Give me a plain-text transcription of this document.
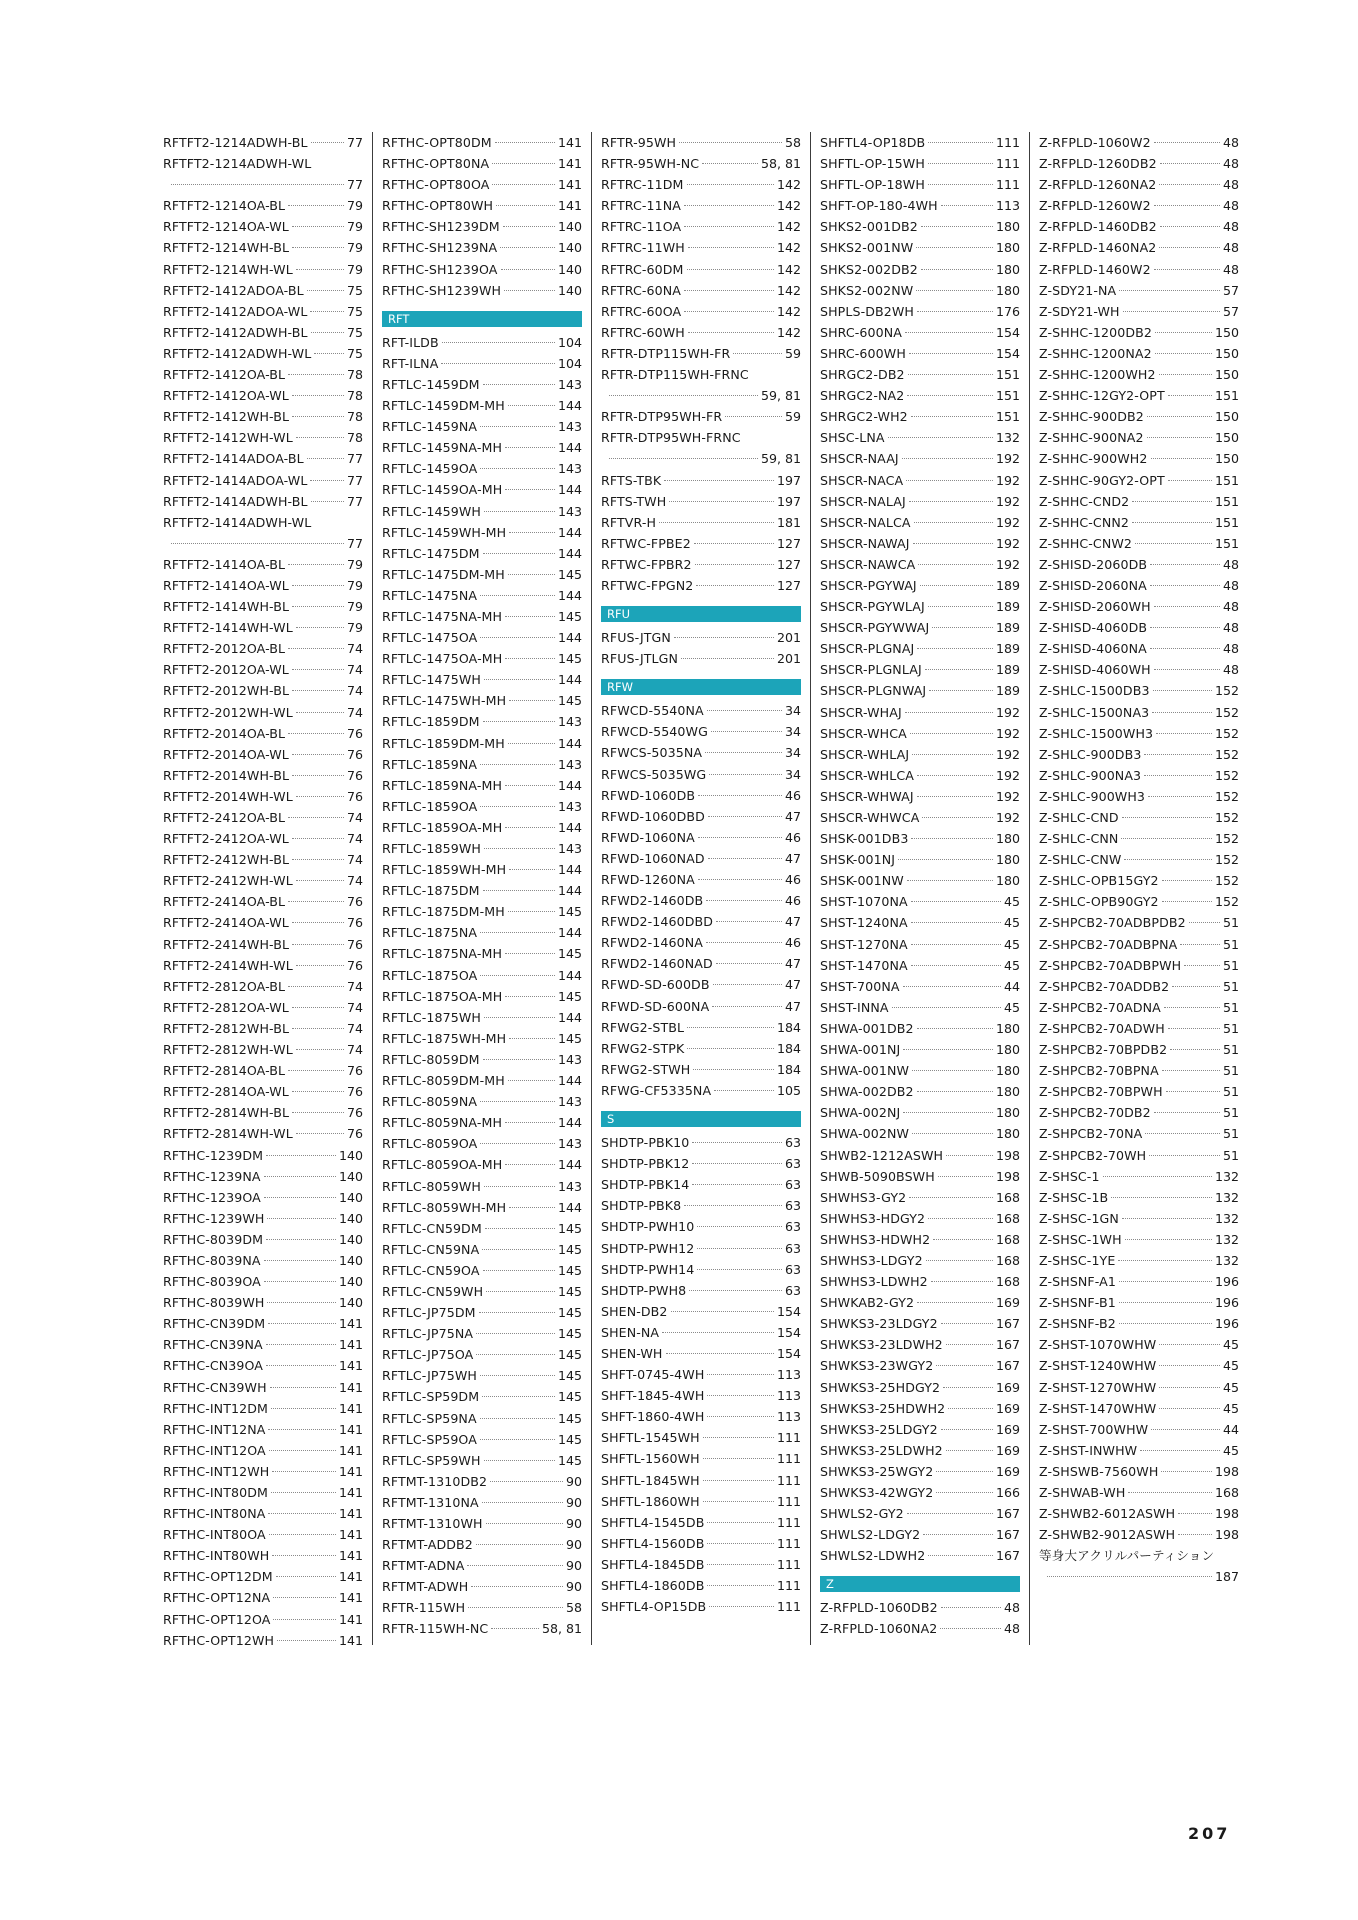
RFTFT2-1214ADWH-BL	77
RFTFT2-1214ADWH-WL
77
RFTFT2-1214OA-BL	79
RFTFT2-1214OA-WL	79
RFTFT2-1214WH-BL	79
RFTFT2-1214WH-WL	79
RFTFT2-1412ADOA-BL	75
RFTFT2-1412ADOA-WL	75
RFTFT2-1412ADWH-BL	75
RFTFT2-1412ADWH-WL	75
RFTFT2-1412OA-BL	78
RFTFT2-1412OA-WL	78
RFTFT2-1412WH-BL	78
RFTFT2-1412WH-WL	78
RFTFT2-1414ADOA-BL	77
RFTFT2-1414ADOA-WL	77
RFTFT2-1414ADWH-BL	77
RFTFT2-1414ADWH-WL
77
RFTFT2-1414OA-BL	79
RFTFT2-1414OA-WL	79
RFTFT2-1414WH-BL	79
RFTFT2-1414WH-WL	79
RFTFT2-2012OA-BL	74
RFTFT2-2012OA-WL	74
RFTFT2-2012WH-BL	74
RFTFT2-2012WH-WL	74
RFTFT2-2014OA-BL	76
RFTFT2-2014OA-WL	76
RFTFT2-2014WH-BL	76
RFTFT2-2014WH-WL	76
RFTFT2-2412OA-BL	74
RFTFT2-2412OA-WL	74
RFTFT2-2412WH-BL	74
RFTFT2-2412WH-WL	74
RFTFT2-2414OA-BL	76
RFTFT2-2414OA-WL	76
RFTFT2-2414WH-BL	76
RFTFT2-2414WH-WL	76
RFTFT2-2812OA-BL	74
RFTFT2-2812OA-WL	74
RFTFT2-2812WH-BL	74
RFTFT2-2812WH-WL	74
RFTFT2-2814OA-BL	76
RFTFT2-2814OA-WL	76
RFTFT2-2814WH-BL	76
RFTFT2-2814WH-WL	76
RFTHC-1239DM	140
RFTHC-1239NA	140
RFTHC-1239OA	140
RFTHC-1239WH	140
RFTHC-8039DM	140
RFTHC-8039NA	140
RFTHC-8039OA	140
RFTHC-8039WH	140
RFTHC-CN39DM	141
RFTHC-CN39NA	141
RFTHC-CN39OA	141
RFTHC-CN39WH	141
RFTHC-INT12DM	141
RFTHC-INT12NA	141
RFTHC-INT12OA	141
RFTHC-INT12WH	141
RFTHC-INT80DM	141
RFTHC-INT80NA	141
RFTHC-INT80OA	141
RFTHC-INT80WH	141
RFTHC-OPT12DM	141
RFTHC-OPT12NA	141
RFTHC-OPT12OA	141
RFTHC-OPT12WH	141
RFTHC-OPT80DM	141
RFTHC-OPT80NA	141
RFTHC-OPT80OA	141
RFTHC-OPT80WH	141
RFTHC-SH1239DM	140
RFTHC-SH1239NA	140
RFTHC-SH1239OA	140
RFTHC-SH1239WH	140
RFT
RFT-ILDB	104
RFT-ILNA	104
RFTLC-1459DM	143
RFTLC-1459DM-MH	144
RFTLC-1459NA	143
RFTLC-1459NA-MH	144
RFTLC-1459OA	143
RFTLC-1459OA-MH	144
RFTLC-1459WH	143
RFTLC-1459WH-MH	144
RFTLC-1475DM	144
RFTLC-1475DM-MH	145
RFTLC-1475NA	144
RFTLC-1475NA-MH	145
RFTLC-1475OA	144
RFTLC-1475OA-MH	145
RFTLC-1475WH	144
RFTLC-1475WH-MH	145
RFTLC-1859DM	143
RFTLC-1859DM-MH	144
RFTLC-1859NA	143
RFTLC-1859NA-MH	144
RFTLC-1859OA	143
RFTLC-1859OA-MH	144
RFTLC-1859WH	143
RFTLC-1859WH-MH	144
RFTLC-1875DM	144
RFTLC-1875DM-MH	145
RFTLC-1875NA	144
RFTLC-1875NA-MH	145
RFTLC-1875OA	144
RFTLC-1875OA-MH	145
RFTLC-1875WH	144
RFTLC-1875WH-MH	145
RFTLC-8059DM	143
RFTLC-8059DM-MH	144
RFTLC-8059NA	143
RFTLC-8059NA-MH	144
RFTLC-8059OA	143
RFTLC-8059OA-MH	144
RFTLC-8059WH	143
RFTLC-8059WH-MH	144
RFTLC-CN59DM	145
RFTLC-CN59NA	145
RFTLC-CN59OA	145
RFTLC-CN59WH	145
RFTLC-JP75DM	145
RFTLC-JP75NA	145
RFTLC-JP75OA	145
RFTLC-JP75WH	145
RFTLC-SP59DM	145
RFTLC-SP59NA	145
RFTLC-SP59OA	145
RFTLC-SP59WH	145
RFTMT-1310DB2	90
RFTMT-1310NA	90
RFTMT-1310WH	90
RFTMT-ADDB2	90
RFTMT-ADNA	90
RFTMT-ADWH	90
RFTR-115WH	58
RFTR-115WH-NC	58, 81
RFTR-95WH	58
RFTR-95WH-NC	58, 81
RFTRC-11DM	142
RFTRC-11NA	142
RFTRC-11OA	142
RFTRC-11WH	142
RFTRC-60DM	142
RFTRC-60NA	142
RFTRC-60OA	142
RFTRC-60WH	142
RFTR-DTP115WH-FR	59
RFTR-DTP115WH-FRNC
59, 81
RFTR-DTP95WH-FR	59
RFTR-DTP95WH-FRNC
59, 81
RFTS-TBK	197
RFTS-TWH	197
RFTVR-H	181
RFTWC-FPBE2	127
RFTWC-FPBR2	127
RFTWC-FPGN2	127
RFU
RFUS-JTGN	201
RFUS-JTLGN	201
RFW
RFWCD-5540NA	34
RFWCD-5540WG	34
RFWCS-5035NA	34
RFWCS-5035WG	34
RFWD-1060DB	46
RFWD-1060DBD	47
RFWD-1060NA	46
RFWD-1060NAD	47
RFWD-1260NA	46
RFWD2-1460DB	46
RFWD2-1460DBD	47
RFWD2-1460NA	46
RFWD2-1460NAD	47
RFWD-SD-600DB	47
RFWD-SD-600NA	47
RFWG2-STBL	184
RFWG2-STPK	184
RFWG2-STWH	184
RFWG-CF5335NA	105
S
SHDTP-PBK10	63
SHDTP-PBK12	63
SHDTP-PBK14	63
SHDTP-PBK8	63
SHDTP-PWH10	63
SHDTP-PWH12	63
SHDTP-PWH14	63
SHDTP-PWH8	63
SHEN-DB2	154
SHEN-NA	154
SHEN-WH	154
SHFT-0745-4WH	113
SHFT-1845-4WH	113
SHFT-1860-4WH	113
SHFTL-1545WH	111
SHFTL-1560WH	111
SHFTL-1845WH	111
SHFTL-1860WH	111
SHFTL4-1545DB	111
SHFTL4-1560DB	111
SHFTL4-1845DB	111
SHFTL4-1860DB	111
SHFTL4-OP15DB	111
SHFTL4-OP18DB	111
SHFTL-OP-15WH	111
SHFTL-OP-18WH	111
SHFT-OP-180-4WH	113
SHKS2-001DB2	180
SHKS2-001NW	180
SHKS2-002DB2	180
SHKS2-002NW	180
SHPLS-DB2WH	176
SHRC-600NA	154
SHRC-600WH	154
SHRGC2-DB2	151
SHRGC2-NA2	151
SHRGC2-WH2	151
SHSC-LNA	132
SHSCR-NAAJ	192
SHSCR-NACA	192
SHSCR-NALAJ	192
SHSCR-NALCA	192
SHSCR-NAWAJ	192
SHSCR-NAWCA	192
SHSCR-PGYWAJ	189
SHSCR-PGYWLAJ	189
SHSCR-PGYWWAJ	189
SHSCR-PLGNAJ	189
SHSCR-PLGNLAJ	189
SHSCR-PLGNWAJ	189
SHSCR-WHAJ	192
SHSCR-WHCA	192
SHSCR-WHLAJ	192
SHSCR-WHLCA	192
SHSCR-WHWAJ	192
SHSCR-WHWCA	192
SHSK-001DB3	180
SHSK-001NJ	180
SHSK-001NW	180
SHST-1070NA	45
SHST-1240NA	45
SHST-1270NA	45
SHST-1470NA	45
SHST-700NA	44
SHST-INNA	45
SHWA-001DB2	180
SHWA-001NJ	180
SHWA-001NW	180
SHWA-002DB2	180
SHWA-002NJ	180
SHWA-002NW	180
SHWB2-1212ASWH	198
SHWB-5090BSWH	198
SHWHS3-GY2	168
SHWHS3-HDGY2	168
SHWHS3-HDWH2	168
SHWHS3-LDGY2	168
SHWHS3-LDWH2	168
SHWKAB2-GY2	169
SHWKS3-23LDGY2	167
SHWKS3-23LDWH2	167
SHWKS3-23WGY2	167
SHWKS3-25HDGY2	169
SHWKS3-25HDWH2	169
SHWKS3-25LDGY2	169
SHWKS3-25LDWH2	169
SHWKS3-25WGY2	169
SHWKS3-42WGY2	166
SHWLS2-GY2	167
SHWLS2-LDGY2	167
SHWLS2-LDWH2	167
Z
Z-RFPLD-1060DB2	48
Z-RFPLD-1060NA2	48
Z-RFPLD-1060W2	48
Z-RFPLD-1260DB2	48
Z-RFPLD-1260NA2	48
Z-RFPLD-1260W2	48
Z-RFPLD-1460DB2	48
Z-RFPLD-1460NA2	48
Z-RFPLD-1460W2	48
Z-SDY21-NA	57
Z-SDY21-WH	57
Z-SHHC-1200DB2	150
Z-SHHC-1200NA2	150
Z-SHHC-1200WH2	150
Z-SHHC-12GY2-OPT	151
Z-SHHC-900DB2	150
Z-SHHC-900NA2	150
Z-SHHC-900WH2	150
Z-SHHC-90GY2-OPT	151
Z-SHHC-CND2	151
Z-SHHC-CNN2	151
Z-SHHC-CNW2	151
Z-SHISD-2060DB	48
Z-SHISD-2060NA	48
Z-SHISD-2060WH	48
Z-SHISD-4060DB	48
Z-SHISD-4060NA	48
Z-SHISD-4060WH	48
Z-SHLC-1500DB3	152
Z-SHLC-1500NA3	152
Z-SHLC-1500WH3	152
Z-SHLC-900DB3	152
Z-SHLC-900NA3	152
Z-SHLC-900WH3	152
Z-SHLC-CND	152
Z-SHLC-CNN	152
Z-SHLC-CNW	152
Z-SHLC-OPB15GY2	152
Z-SHLC-OPB90GY2	152
Z-SHPCB2-70ADBPDB2	51
Z-SHPCB2-70ADBPNA	51
Z-SHPCB2-70ADBPWH	51
Z-SHPCB2-70ADDB2	51
Z-SHPCB2-70ADNA	51
Z-SHPCB2-70ADWH	51
Z-SHPCB2-70BPDB2	51
Z-SHPCB2-70BPNA	51
Z-SHPCB2-70BPWH	51
Z-SHPCB2-70DB2	51
Z-SHPCB2-70NA	51
Z-SHPCB2-70WH	51
Z-SHSC-1	132
Z-SHSC-1B	132
Z-SHSC-1GN	132
Z-SHSC-1WH	132
Z-SHSC-1YE	132
Z-SHSNF-A1	196
Z-SHSNF-B1	196
Z-SHSNF-B2	196
Z-SHST-1070WHW	45
Z-SHST-1240WHW	45
Z-SHST-1270WHW	45
Z-SHST-1470WHW	45
Z-SHST-700WHW	44
Z-SHST-INWHW	45
Z-SHSWB-7560WH	198
Z-SHWAB-WH	168
Z-SHWB2-6012ASWH	198
Z-SHWB2-9012ASWH	198
等身大アクリルパーティション
187
207
